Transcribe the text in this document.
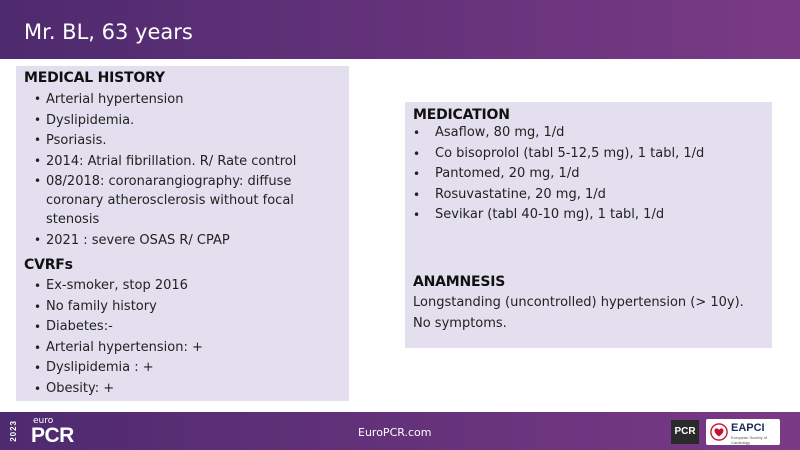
Mr. BL, 63 years
MEDICAL HISTORY
• Arterial hypertension
• Dyslipidemia.
• Psoriasis.
• 2014: Atrial fibrillation. R/ Rate control
• 08/2018: coronarangiography: diffuse coronary atherosclerosis without focal stenosis
• 2021 : severe OSAS R/ CPAP
CVRFs
• Ex-smoker, stop 2016
• No family history
• Diabetes:-
• Arterial hypertension: +
• Dyslipidemia : +
• Obesity: +
MEDICATION
• Asaflow, 80 mg, 1/d
• Co bisoprolol (tabl 5-12,5 mg), 1 tabl, 1/d
• Pantomed, 20 mg, 1/d
• Rosuvastatine, 20 mg, 1/d
• Sevikar (tabl 40-10 mg), 1 tabl, 1/d
ANAMNESIS
Longstanding (uncontrolled) hypertension (> 10y).
No symptoms.
EuroPCR.com
2023 euro
PCR	PCR	EAPCI
European Society of Cardiology
